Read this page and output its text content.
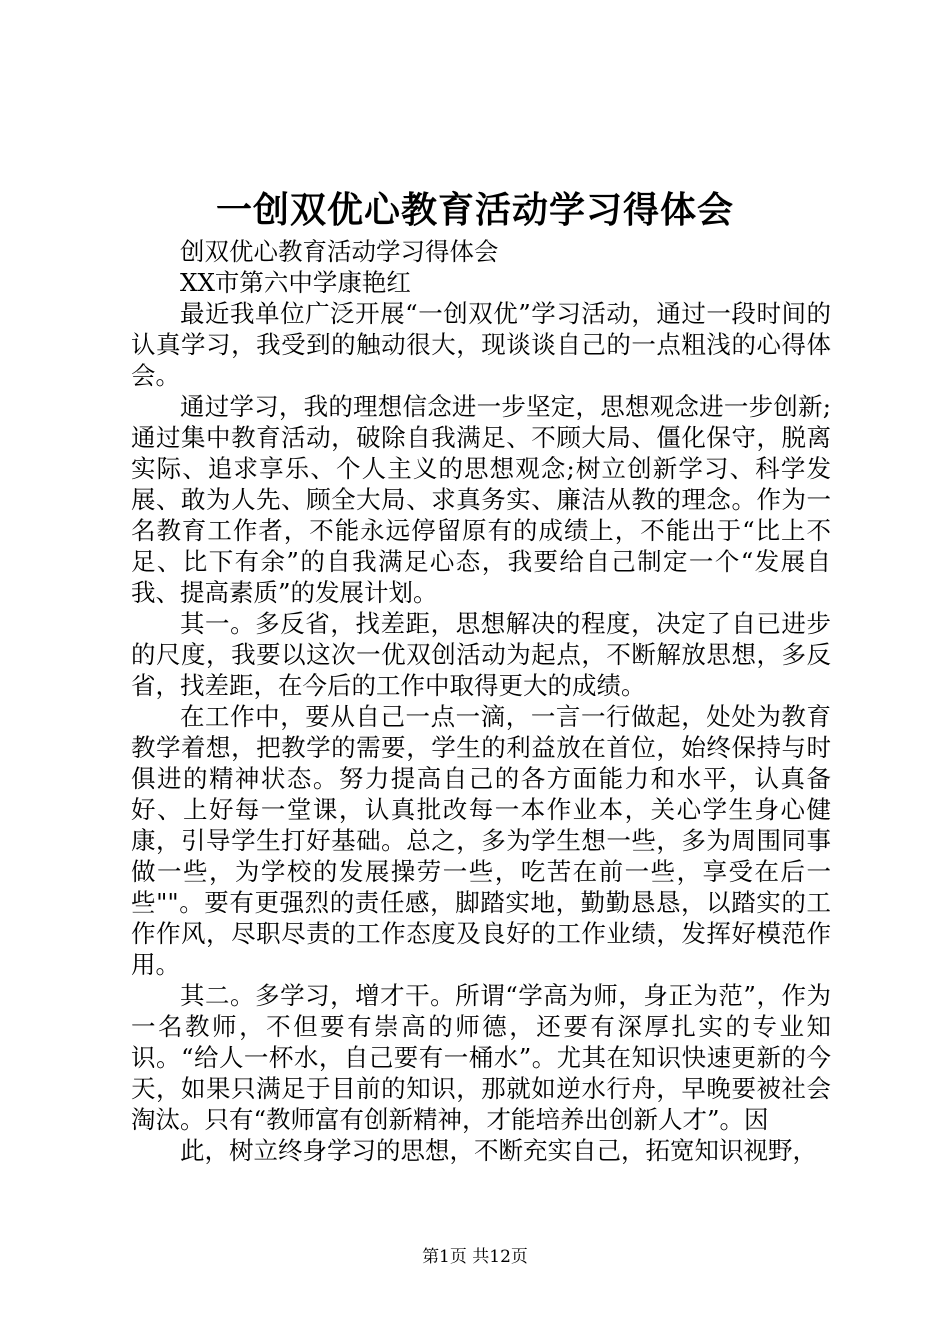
一创双优心教育活动学习得体会

创双优心教育活动学习得体会

XX市第六中学康艳红

最近我单位广泛开展“一创双优”学习活动，通过一段时间的认真学习，我受到的触动很大，现谈谈自己的一点粗浅的心得体会。

通过学习，我的理想信念进一步坚定，思想观念进一步创新;通过集中教育活动，破除自我满足、不顾大局、僵化保守，脱离实际、追求享乐、个人主义的思想观念;树立创新学习、科学发展、敢为人先、顾全大局、求真务实、廉洁从教的理念。作为一名教育工作者，不能永远停留原有的成绩上，不能出于“比上不足、比下有余”的自我满足心态，我要给自己制定一个“发展自我、提高素质”的发展计划。

其一。多反省，找差距，思想解决的程度，决定了自已进步的尺度，我要以这次一优双创活动为起点，不断解放思想，多反省，找差距，在今后的工作中取得更大的成绩。

在工作中，要从自己一点一滴，一言一行做起，处处为教育教学着想，把教学的需要，学生的利益放在首位，始终保持与时俱进的精神状态。努力提高自己的各方面能力和水平，认真备好、上好每一堂课，认真批改每一本作业本，关心学生身心健康，引导学生打好基础。总之，多为学生想一些，多为周围同事做一些，为学校的发展操劳一些，吃苦在前一些，享受在后一些""。要有更强烈的责任感，脚踏实地，勤勤恳恳，以踏实的工作作风，尽职尽责的工作态度及良好的工作业绩，发挥好模范作用。

其二。多学习，增才干。所谓“学高为师，身正为范”，作为一名教师，不但要有崇高的师德，还要有深厚扎实的专业知识。“给人一杯水，自己要有一桶水”。尤其在知识快速更新的今天，如果只满足于目前的知识，那就如逆水行舟，早晚要被社会淘汰。只有“教师富有创新精神，才能培养出创新人才”。因

此，树立终身学习的思想，不断充实自己，拓宽知识视野，

第1页 共12页
